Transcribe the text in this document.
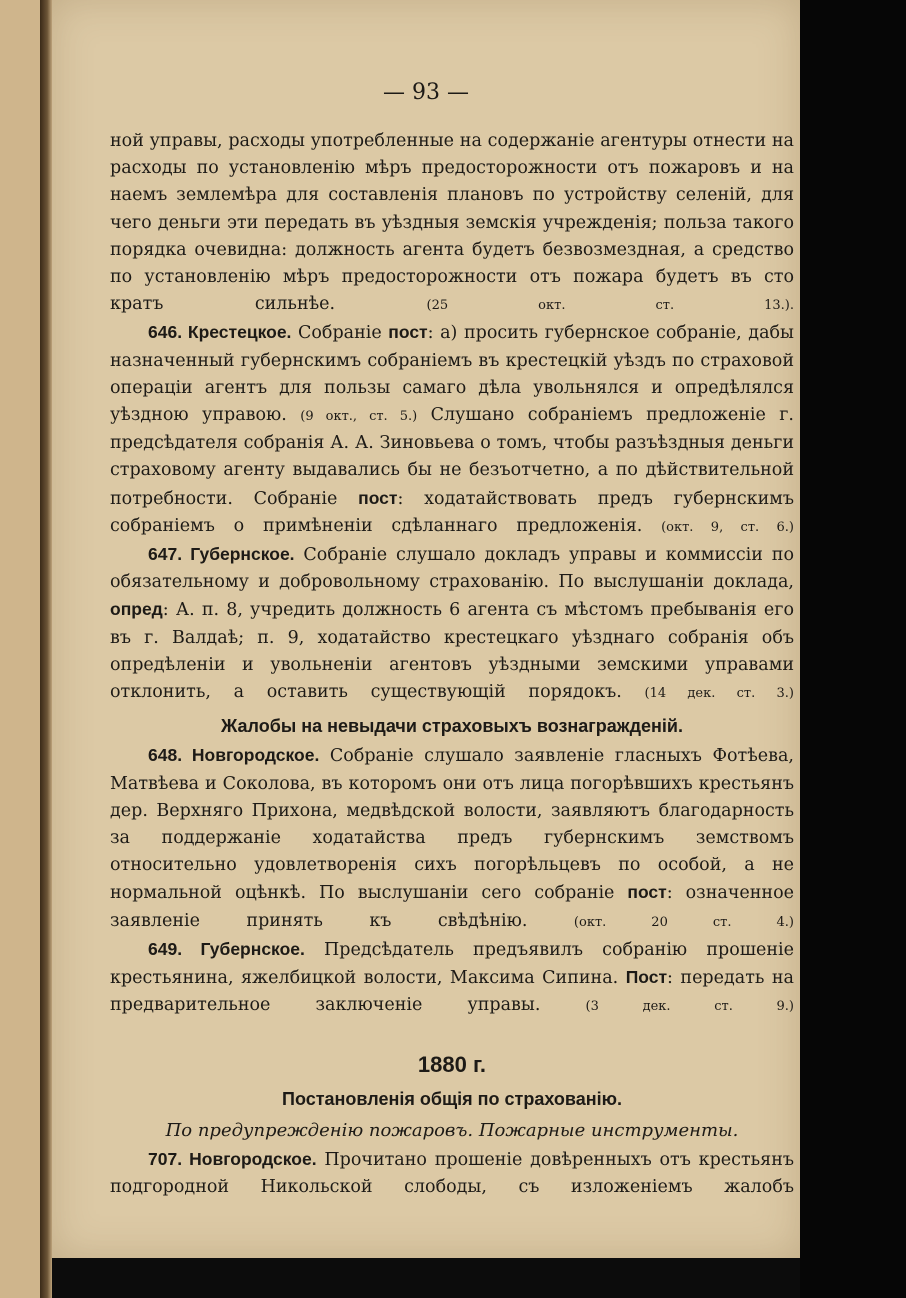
— 93 —

ной управы, расходы употребленные на содержаніе агентуры отнести на расходы по установленію мѣръ предосторожности отъ пожаровъ и на наемъ землемѣра для составленія плановъ по устройству селеній, для чего деньги эти передать въ уѣздныя земскія учрежденія; польза такого порядка очевидна: должность агента будетъ безвозмездная, а средство по установленію мѣръ предосторожности отъ пожара будетъ въ сто кратъ сильнѣе.	(25 окт. ст. 13.).

646. Крестецкое. Собраніе пост: а) просить губернское собраніе, дабы назначенный губернскимъ собраніемъ въ крестецкій уѣздъ по страховой операціи агентъ для пользы самаго дѣла увольнялся и опредѣлялся уѣздною управою. (9 окт., ст. 5.) Слушано собраніемъ предложеніе г. предсѣдателя собранія А. А. Зиновьева о томъ, чтобы разъѣздныя деньги страховому агенту выдавались бы не безъотчетно, а по дѣйствительной потребности. Собраніе пост: ходатайствовать предъ губернскимъ собраніемъ о примѣненіи сдѣланнаго предложенія. (окт. 9, ст. 6.)

647. Губернское. Собраніе слушало докладъ управы и коммиссіи по обязательному и добровольному страхованію. По выслушаніи доклада, опред: А. п. 8, учредить должность 6 агента съ мѣстомъ пребыванія его въ г. Валдаѣ; п. 9, ходатайство крестецкаго уѣзднаго собранія объ опредѣленіи и увольненіи агентовъ уѣздными земскими управами отклонить, а оставить существующій порядокъ. (14 дек. ст. 3.)

Жалобы на невыдачи страховыхъ вознагражденій.

648. Новгородское. Собраніе слушало заявленіе гласныхъ Фотѣева, Матвѣева и Соколова, въ которомъ они отъ лица погорѣвшихъ крестьянъ дер. Верхняго Прихона, медвѣдской волости, заявляютъ благодарность за поддержаніе ходатайства предъ губернскимъ земствомъ относительно удовлетворенія сихъ погорѣльцевъ по особой, а не нормальной оцѣнкѣ. По выслушаніи сего собраніе пост: означенное заявленіе принять къ свѣдѣнію.	(окт. 20 ст. 4.)

649. Губернское. Предсѣдатель предъявилъ собранію прошеніе крестьянина, яжелбицкой волости, Максима Сипина. Пост: передать на предварительное заключеніе управы.	(3 дек. ст. 9.)

1880 г.
Постановленія общія по страхованію.
По предупрежденію пожаровъ. Пожарные инструменты.

707. Новгородское. Прочитано прошеніе довѣренныхъ отъ крестьянъ подгородной Никольской слободы, съ изложеніемъ жалобъ
